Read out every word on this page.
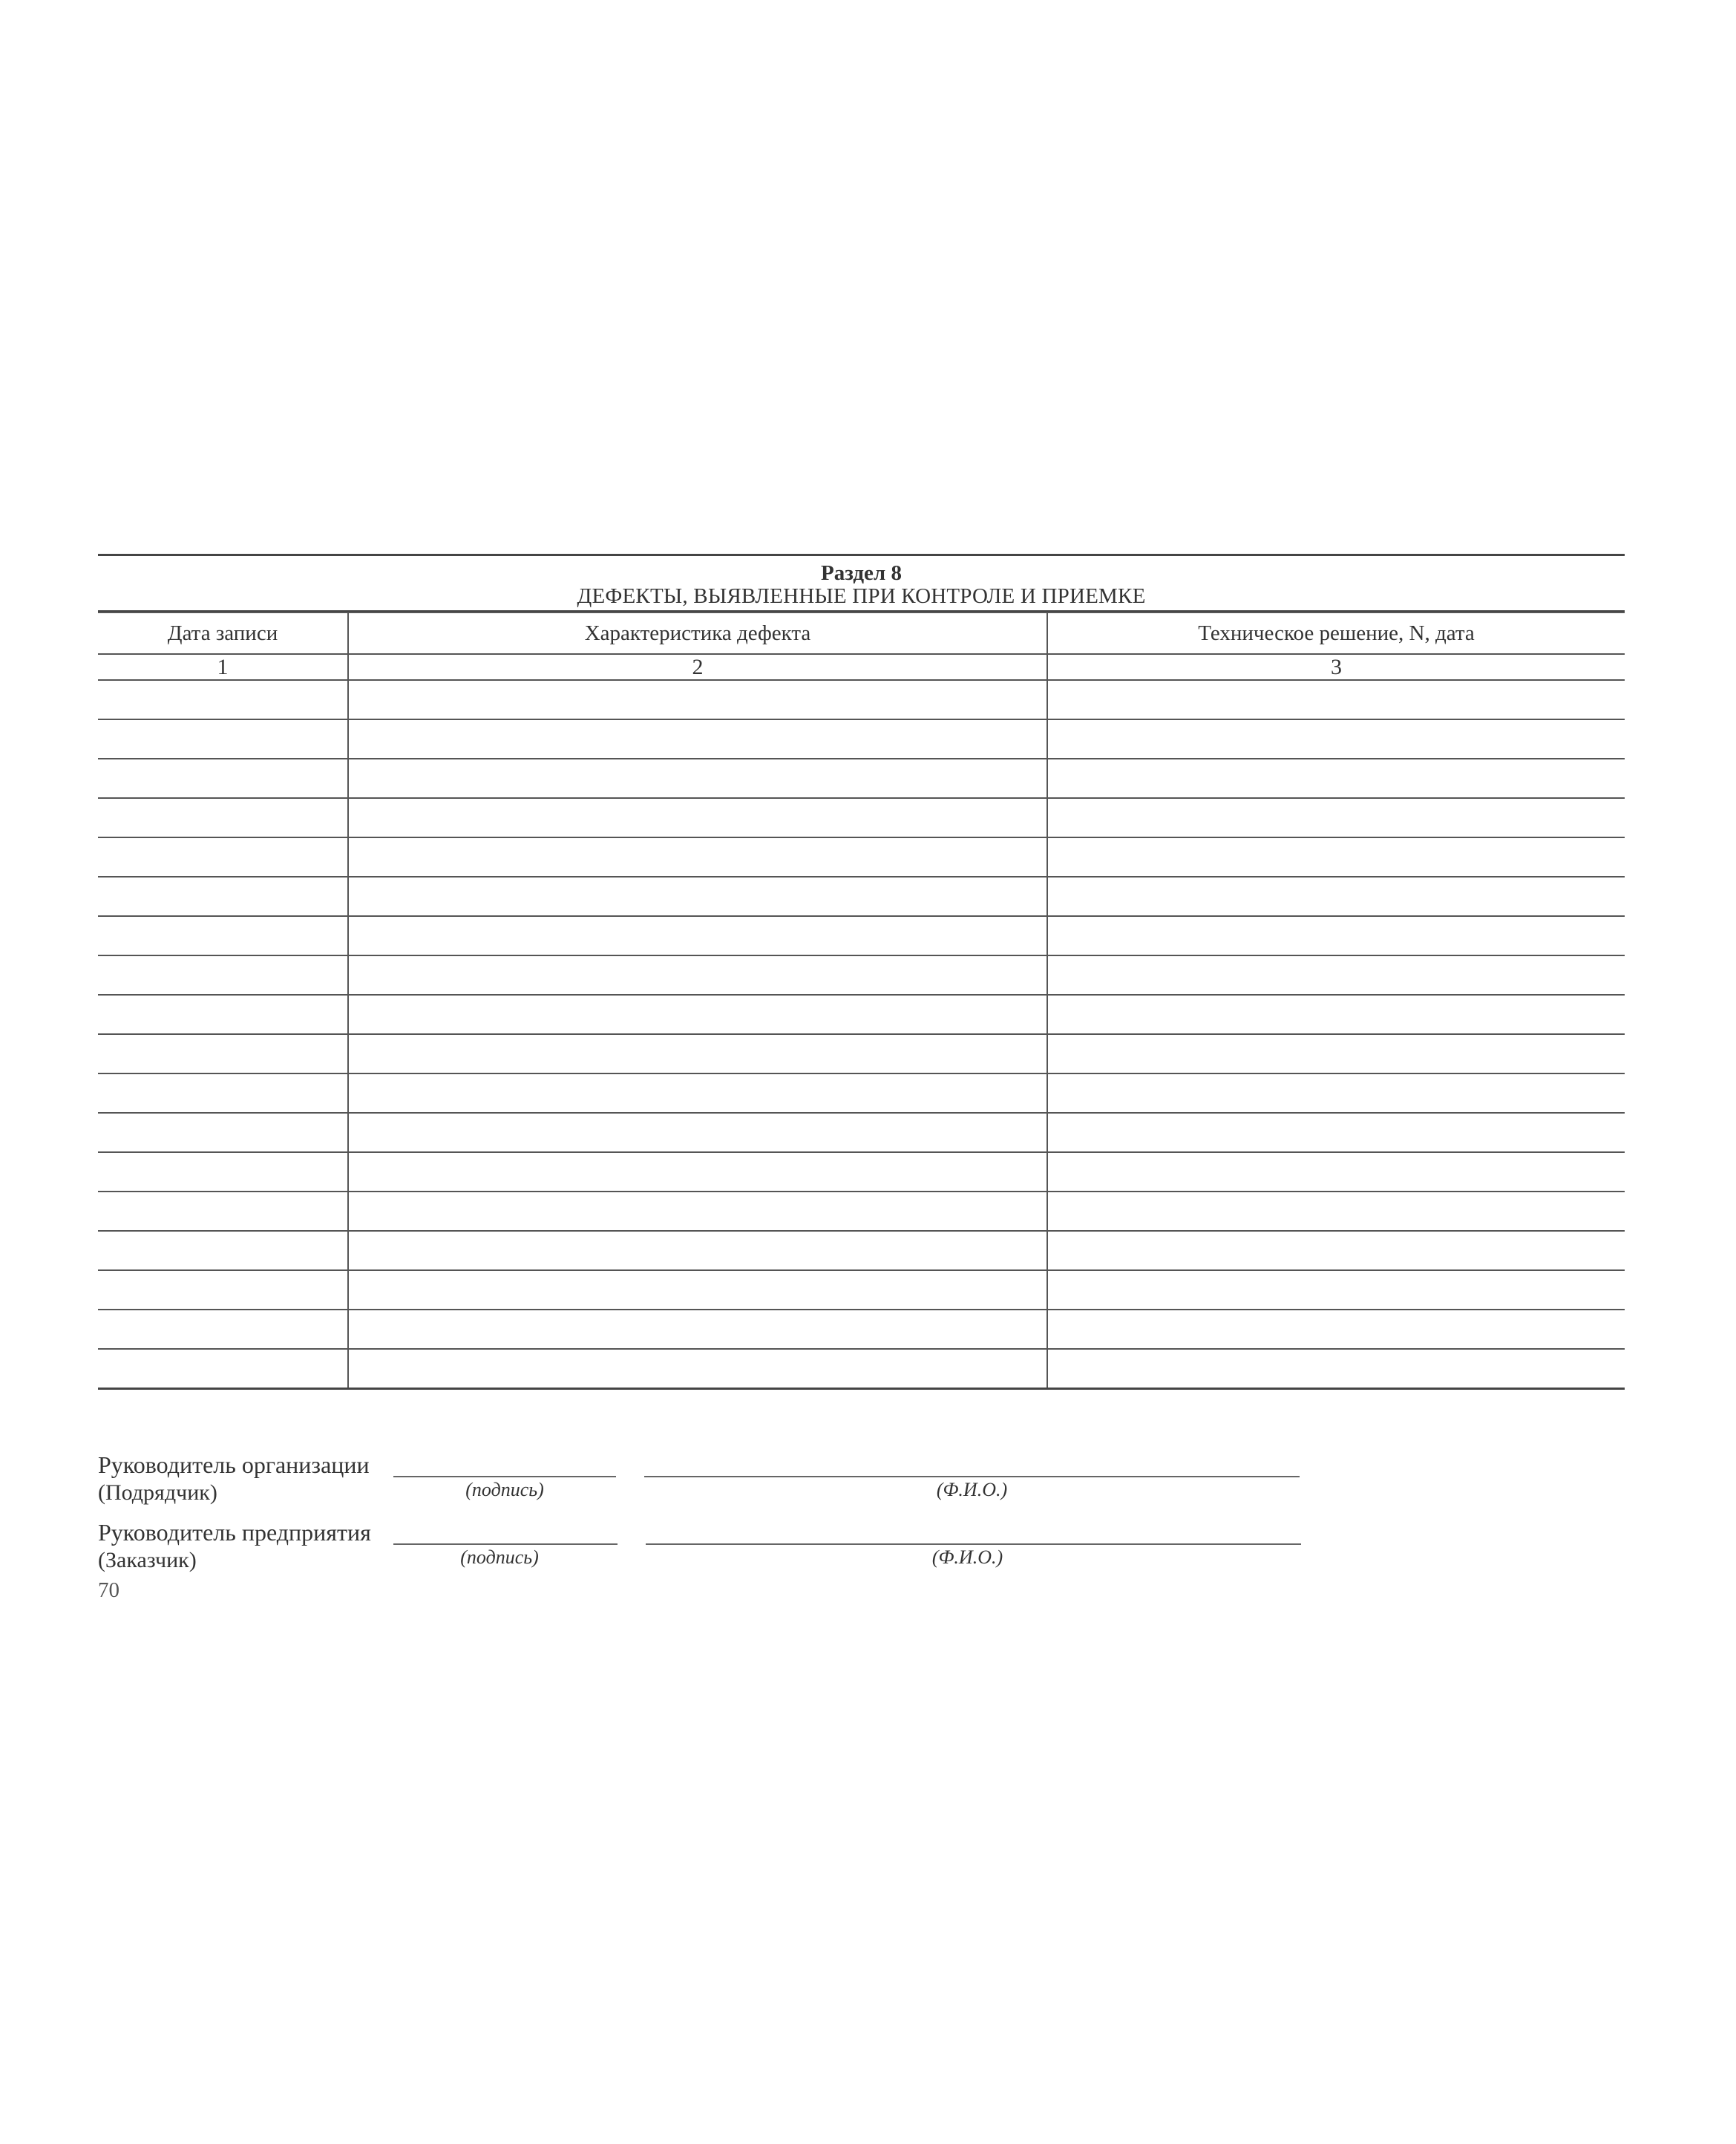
Раздел 8
ДЕФЕКТЫ, ВЫЯВЛЕННЫЕ ПРИ КОНТРОЛЕ И ПРИЕМКЕ
Дата записи	Характеристика дефекта	Техническое решение, N, дата
1	2	3

Руководитель организации
(Подрядчик)	(подпись)	(Ф.И.О.)
Руководитель предприятия
(Заказчик)	(подпись)	(Ф.И.О.)
70
